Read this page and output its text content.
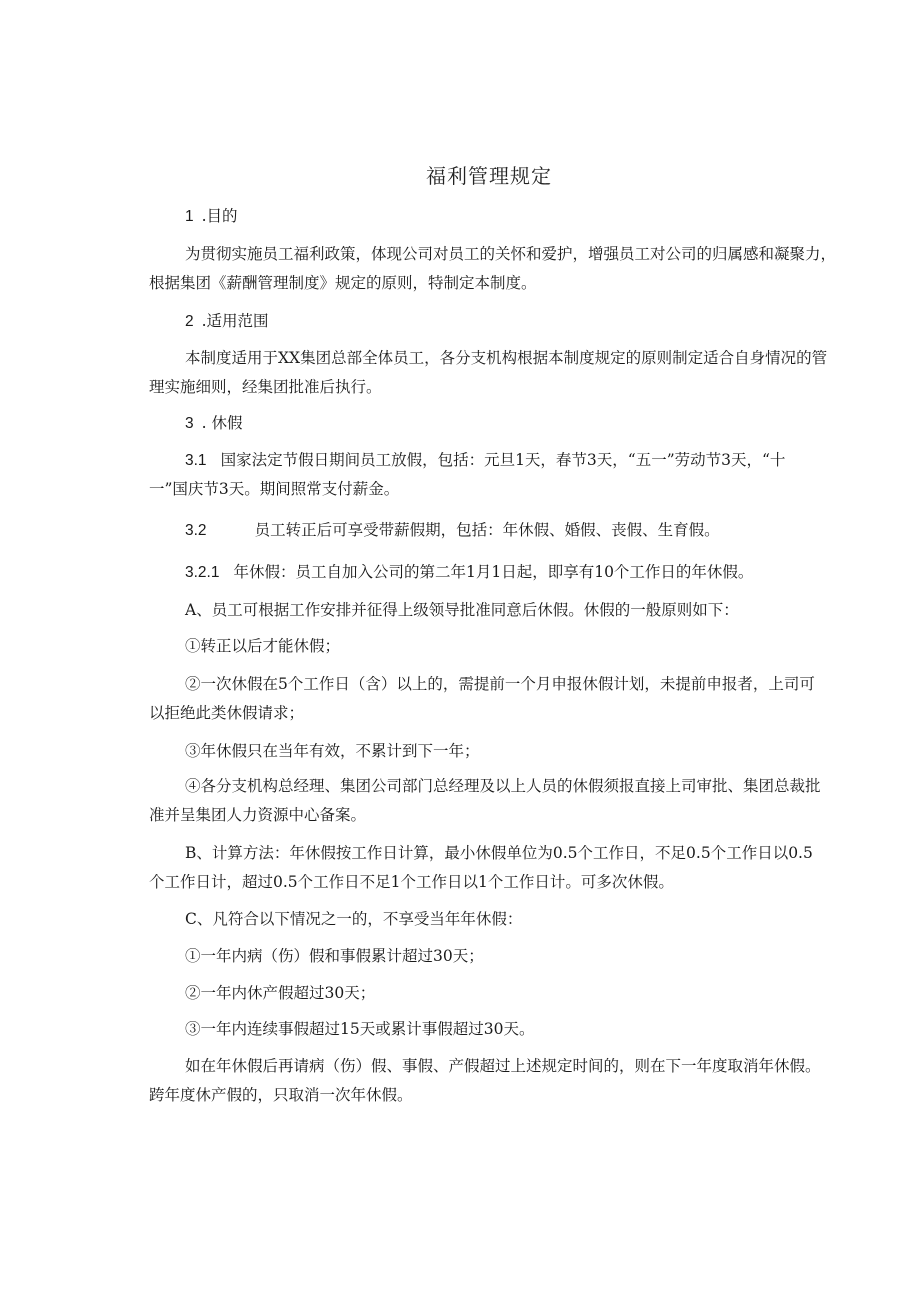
福利管理规定
1 .目的
为贯彻实施员工福利政策，体现公司对员工的关怀和爱护，增强员工对公司的归属感和凝聚力，
根据集团《薪酬管理制度》规定的原则，特制定本制度。
2 .适用范围
本制度适用于XX集团总部全体员工，各分支机构根据本制度规定的原则制定适合自身情况的管
理实施细则，经集团批准后执行。
3 . 休假
3.1 国家法定节假日期间员工放假，包括：元旦1天，春节3天，“五一”劳动节3天，“十
一”国庆节3天。期间照常支付薪金。
3.2	员工转正后可享受带薪假期，包括：年休假、婚假、丧假、生育假。
3.2.1 年休假：员工自加入公司的第二年1月1日起，即享有10个工作日的年休假。
A、员工可根据工作安排并征得上级领导批准同意后休假。休假的一般原则如下：
①转正以后才能休假；
②一次休假在5个工作日（含）以上的，需提前一个月申报休假计划，未提前申报者，上司可
以拒绝此类休假请求；
③年休假只在当年有效，不累计到下一年；
④各分支机构总经理、集团公司部门总经理及以上人员的休假须报直接上司审批、集团总裁批
准并呈集团人力资源中心备案。
B、计算方法：年休假按工作日计算，最小休假单位为0.5个工作日，不足0.5个工作日以0.5
个工作日计，超过0.5个工作日不足1个工作日以1个工作日计。可多次休假。
C、凡符合以下情况之一的，不享受当年年休假：
①一年内病（伤）假和事假累计超过30天；
②一年内休产假超过30天；
③一年内连续事假超过15天或累计事假超过30天。
如在年休假后再请病（伤）假、事假、产假超过上述规定时间的，则在下一年度取消年休假。
跨年度休产假的，只取消一次年休假。
